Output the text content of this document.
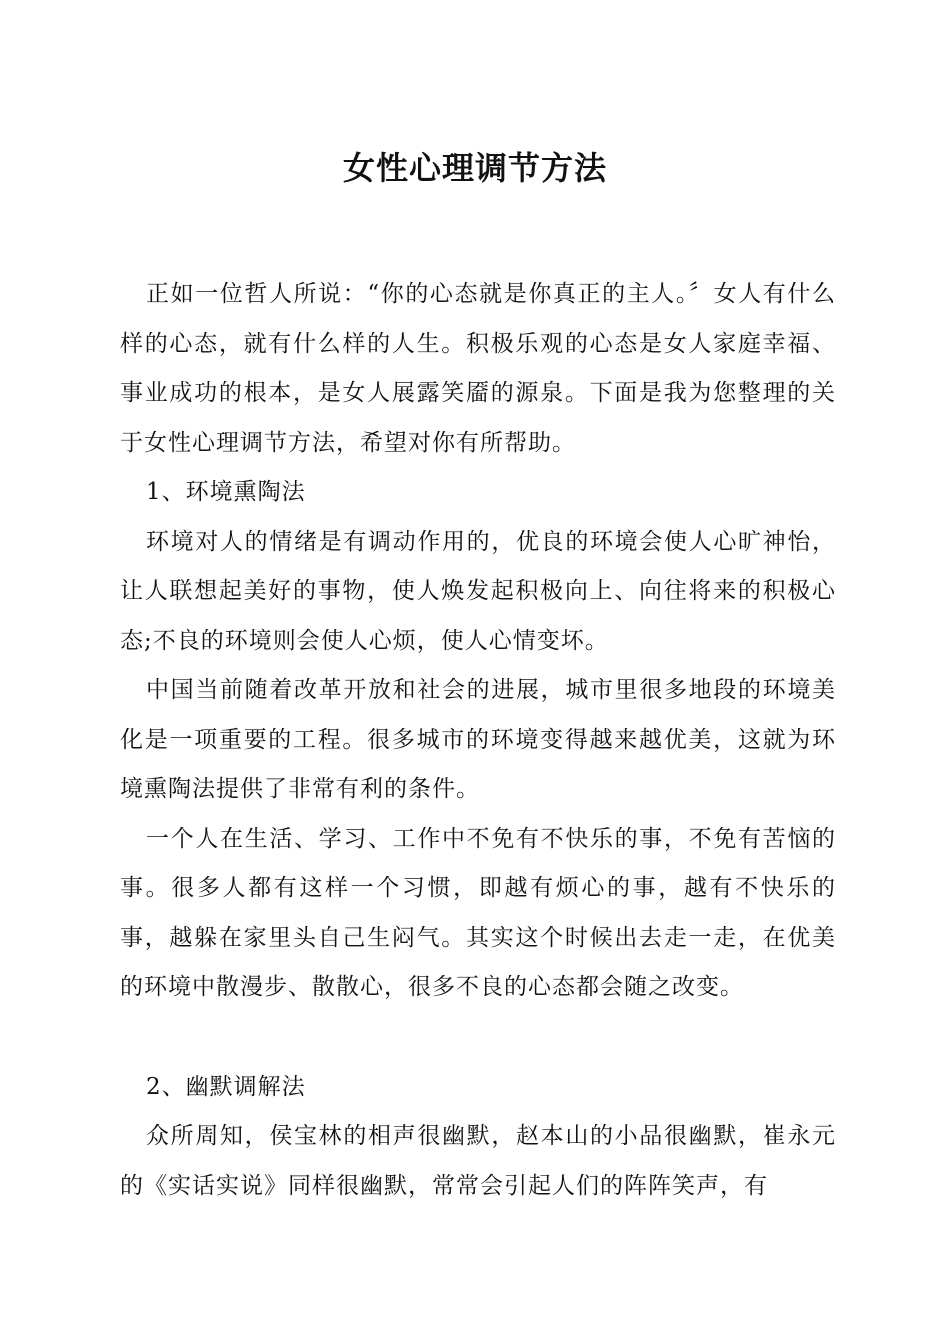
女性心理调节方法

正如一位哲人所说：“你的心态就是你真正的主人。〞女人有什么样的心态，就有什么样的人生。积极乐观的心态是女人家庭幸福、事业成功的根本，是女人展露笑靥的源泉。下面是我为您整理的关于女性心理调节方法，希望对你有所帮助。

1、环境熏陶法

环境对人的情绪是有调动作用的，优良的环境会使人心旷神怡，让人联想起美好的事物，使人焕发起积极向上、向往将来的积极心态;不良的环境则会使人心烦，使人心情变坏。

中国当前随着改革开放和社会的进展，城市里很多地段的环境美化是一项重要的工程。很多城市的环境变得越来越优美，这就为环境熏陶法提供了非常有利的条件。

一个人在生活、学习、工作中不免有不快乐的事，不免有苦恼的事。很多人都有这样一个习惯，即越有烦心的事，越有不快乐的事，越躲在家里头自己生闷气。其实这个时候出去走一走，在优美的环境中散漫步、散散心，很多不良的心态都会随之改变。

2、幽默调解法

众所周知，侯宝林的相声很幽默，赵本山的小品很幽默，崔永元的《实话实说》同样很幽默，常常会引起人们的阵阵笑声，有
